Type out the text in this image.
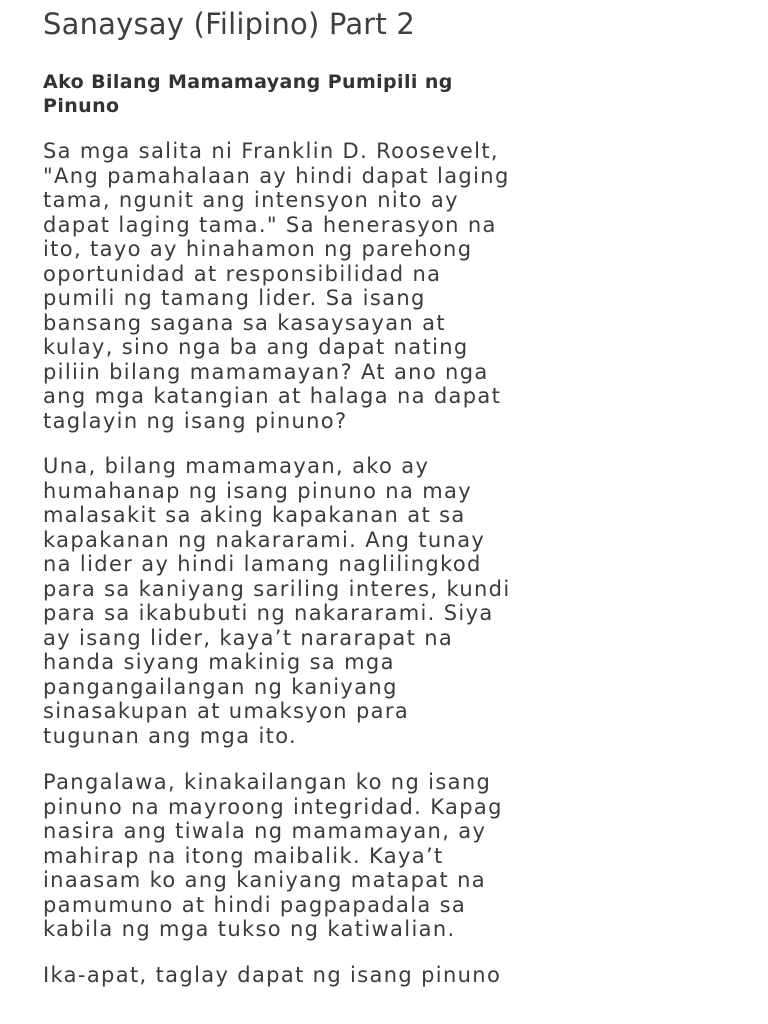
Sanaysay (Filipino) Part 2
Ako Bilang Mamamayang Pumipili ng
Pinuno

Sa mga salita ni Franklin D. Roosevelt,
"Ang pamahalaan ay hindi dapat laging
tama, ngunit ang intensyon nito ay
dapat laging tama." Sa henerasyon na
ito, tayo ay hinahamon ng parehong
oportunidad at responsibilidad na
pumili ng tamang lider. Sa isang
bansang sagana sa kasaysayan at
kulay, sino nga ba ang dapat nating
piliin bilang mamamayan? At ano nga
ang mga katangian at halaga na dapat
taglayin ng isang pinuno?

Una, bilang mamamayan, ako ay
humahanap ng isang pinuno na may
malasakit sa aking kapakanan at sa
kapakanan ng nakararami. Ang tunay
na lider ay hindi lamang naglilingkod
para sa kaniyang sariling interes, kundi
para sa ikabubuti ng nakararami. Siya
ay isang lider, kaya’t nararapat na
handa siyang makinig sa mga
pangangailangan ng kaniyang
sinasakupan at umaksyon para
tugunan ang mga ito.

Pangalawa, kinakailangan ko ng isang
pinuno na mayroong integridad. Kapag
nasira ang tiwala ng mamamayan, ay
mahirap na itong maibalik. Kaya’t
inaasam ko ang kaniyang matapat na
pamumuno at hindi pagpapadala sa
kabila ng mga tukso ng katiwalian.

Ika-apat, taglay dapat ng isang pinuno
